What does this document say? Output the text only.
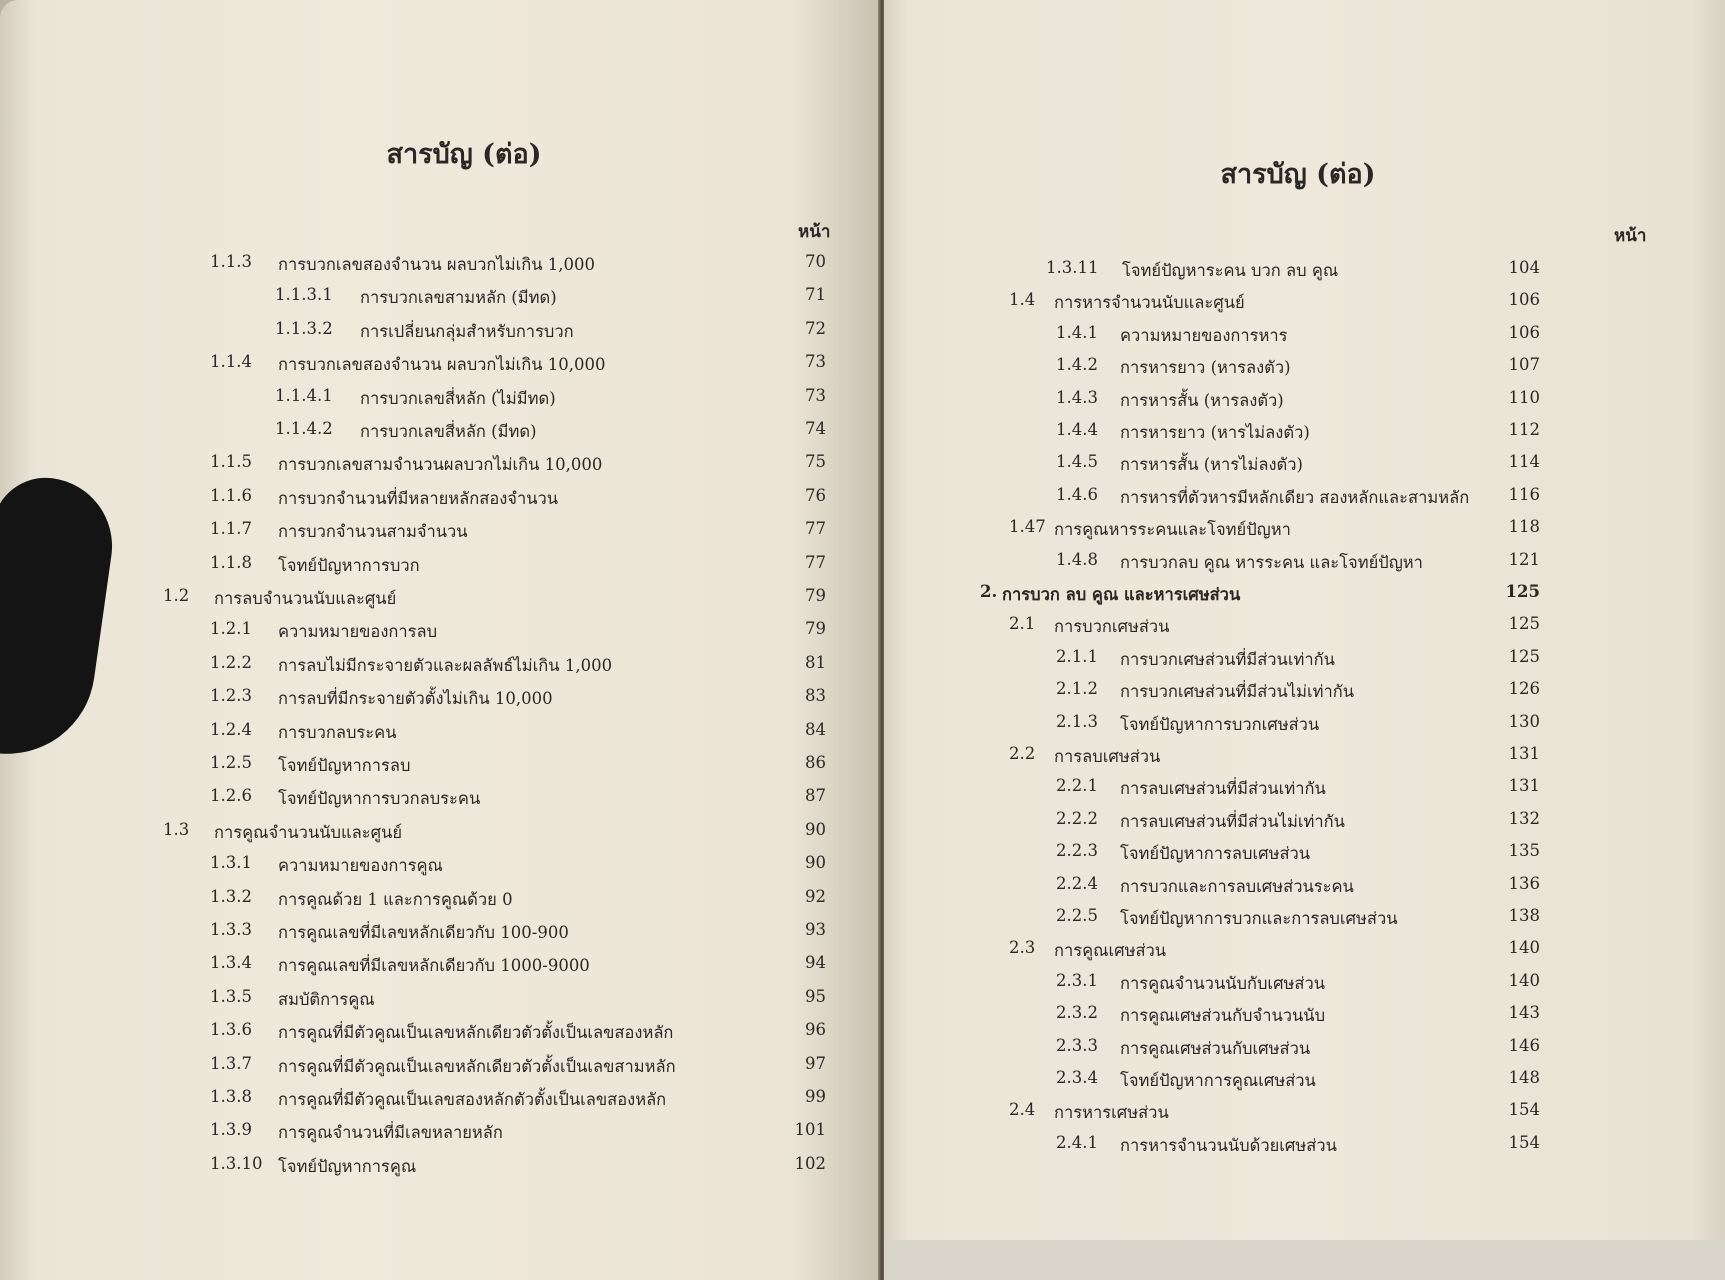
สารบัญ (ต่อ)
หน้า
1.1.3 การบวกเลขสองจำนวน ผลบวกไม่เกิน 1,000	70
1.1.3.1 การบวกเลขสามหลัก (มีทด)	71
1.1.3.2 การเปลี่ยนกลุ่มสำหรับการบวก	72
1.1.4 การบวกเลขสองจำนวน ผลบวกไม่เกิน 10,000	73
1.1.4.1 การบวกเลขสี่หลัก (ไม่มีทด)	73
1.1.4.2 การบวกเลขสี่หลัก (มีทด)	74
1.1.5 การบวกเลขสามจำนวนผลบวกไม่เกิน 10,000	75
1.1.6 การบวกจำนวนที่มีหลายหลักสองจำนวน	76
1.1.7 การบวกจำนวนสามจำนวน	77
1.1.8 โจทย์ปัญหาการบวก	77
1.2 การลบจำนวนนับและศูนย์	79
1.2.1 ความหมายของการลบ	79
1.2.2 การลบไม่มีกระจายตัวและผลลัพธ์ไม่เกิน 1,000	81
1.2.3 การลบที่มีกระจายตัวตั้งไม่เกิน 10,000	83
1.2.4 การบวกลบระคน	84
1.2.5 โจทย์ปัญหาการลบ	86
1.2.6 โจทย์ปัญหาการบวกลบระคน	87
1.3 การคูณจำนวนนับและศูนย์	90
1.3.1 ความหมายของการคูณ	90
1.3.2 การคูณด้วย 1 และการคูณด้วย 0	92
1.3.3 การคูณเลขที่มีเลขหลักเดียวกับ 100-900	93
1.3.4 การคูณเลขที่มีเลขหลักเดียวกับ 1000-9000	94
1.3.5 สมบัติการคูณ	95
1.3.6 การคูณที่มีตัวคูณเป็นเลขหลักเดียวตัวตั้งเป็นเลขสองหลัก	96
1.3.7 การคูณที่มีตัวคูณเป็นเลขหลักเดียวตัวตั้งเป็นเลขสามหลัก	97
1.3.8 การคูณที่มีตัวคูณเป็นเลขสองหลักตัวตั้งเป็นเลขสองหลัก	99
1.3.9 การคูณจำนวนที่มีเลขหลายหลัก	101
1.3.10 โจทย์ปัญหาการคูณ	102
สารบัญ (ต่อ)
หน้า
1.3.11 โจทย์ปัญหาระคน บวก ลบ คูณ	104
1.4 การหารจำนวนนับและศูนย์	106
1.4.1 ความหมายของการหาร	106
1.4.2 การหารยาว (หารลงตัว)	107
1.4.3 การหารสั้น (หารลงตัว)	110
1.4.4 การหารยาว (หารไม่ลงตัว)	112
1.4.5 การหารสั้น (หารไม่ลงตัว)	114
1.4.6 การหารที่ตัวหารมีหลักเดียว สองหลักและสามหลัก	116
1.47 การคูณหารระคนและโจทย์ปัญหา	118
1.4.8 การบวกลบ คูณ หารระคน และโจทย์ปัญหา	121
2. การบวก ลบ คูณ และหารเศษส่วน	125
2.1 การบวกเศษส่วน	125
2.1.1 การบวกเศษส่วนที่มีส่วนเท่ากัน	125
2.1.2 การบวกเศษส่วนที่มีส่วนไม่เท่ากัน	126
2.1.3 โจทย์ปัญหาการบวกเศษส่วน	130
2.2 การลบเศษส่วน	131
2.2.1 การลบเศษส่วนที่มีส่วนเท่ากัน	131
2.2.2 การลบเศษส่วนที่มีส่วนไม่เท่ากัน	132
2.2.3 โจทย์ปัญหาการลบเศษส่วน	135
2.2.4 การบวกและการลบเศษส่วนระคน	136
2.2.5 โจทย์ปัญหาการบวกและการลบเศษส่วน	138
2.3 การคูณเศษส่วน	140
2.3.1 การคูณจำนวนนับกับเศษส่วน	140
2.3.2 การคูณเศษส่วนกับจำนวนนับ	143
2.3.3 การคูณเศษส่วนกับเศษส่วน	146
2.3.4 โจทย์ปัญหาการคูณเศษส่วน	148
2.4 การหารเศษส่วน	154
2.4.1 การหารจำนวนนับด้วยเศษส่วน	154
